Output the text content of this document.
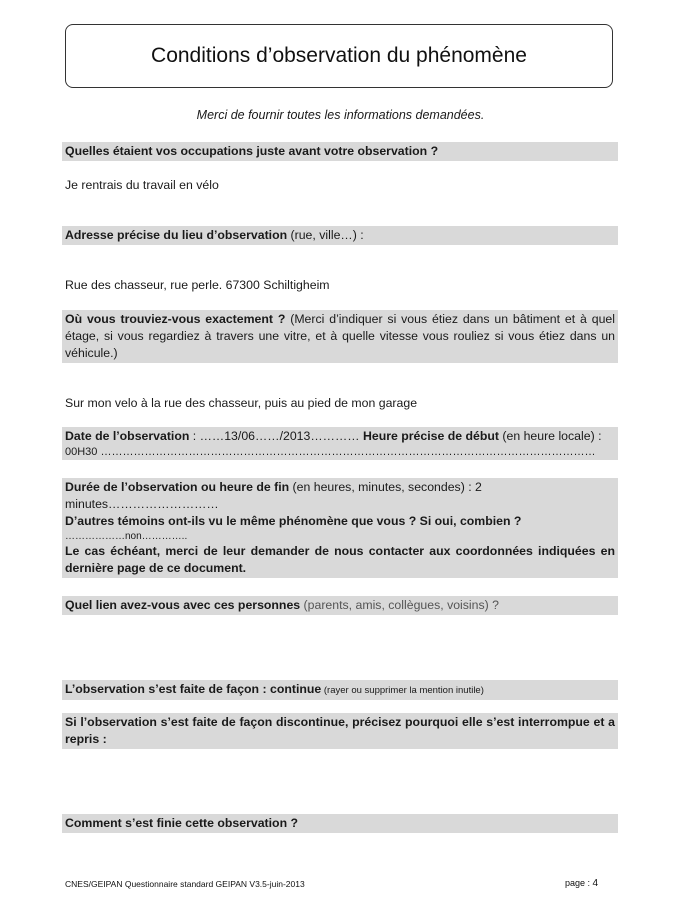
Conditions d’observation du phénomène
Merci de fournir toutes les informations demandées.
Quelles étaient vos occupations juste avant votre observation ?
Je rentrais du travail en vélo
Adresse précise du lieu d’observation (rue, ville…) :
Rue des chasseur, rue perle. 67300 Schiltigheim
Où vous trouviez-vous exactement ? (Merci d’indiquer si vous étiez dans un bâtiment et à quel étage, si vous regardiez à travers une vitre, et à quelle vitesse vous rouliez si vous étiez dans un véhicule.)
Sur mon velo à la rue des chasseur, puis au pied de mon garage
Date de l’observation : ……13/06……/2013………… Heure précise de début (en heure locale) :
00H30 ………………………………………………………………………………………………………………………
Durée de l’observation ou heure de fin (en heures, minutes, secondes) : 2 minutes………………………
D’autres témoins ont-ils vu le même phénomène que vous ? Si oui, combien ?
………………non…………..
Le cas échéant, merci de leur demander de nous contacter aux coordonnées indiquées en dernière page de ce document.
Quel lien avez-vous avec ces personnes (parents, amis, collègues, voisins) ?
L’observation s’est faite de façon : continue (rayer ou supprimer la mention inutile)
Si l’observation s’est faite de façon discontinue, précisez pourquoi elle s’est interrompue et a repris :
Comment s’est finie cette observation ?
CNES/GEIPAN Questionnaire standard GEIPAN V3.5-juin-2013	page : 4
